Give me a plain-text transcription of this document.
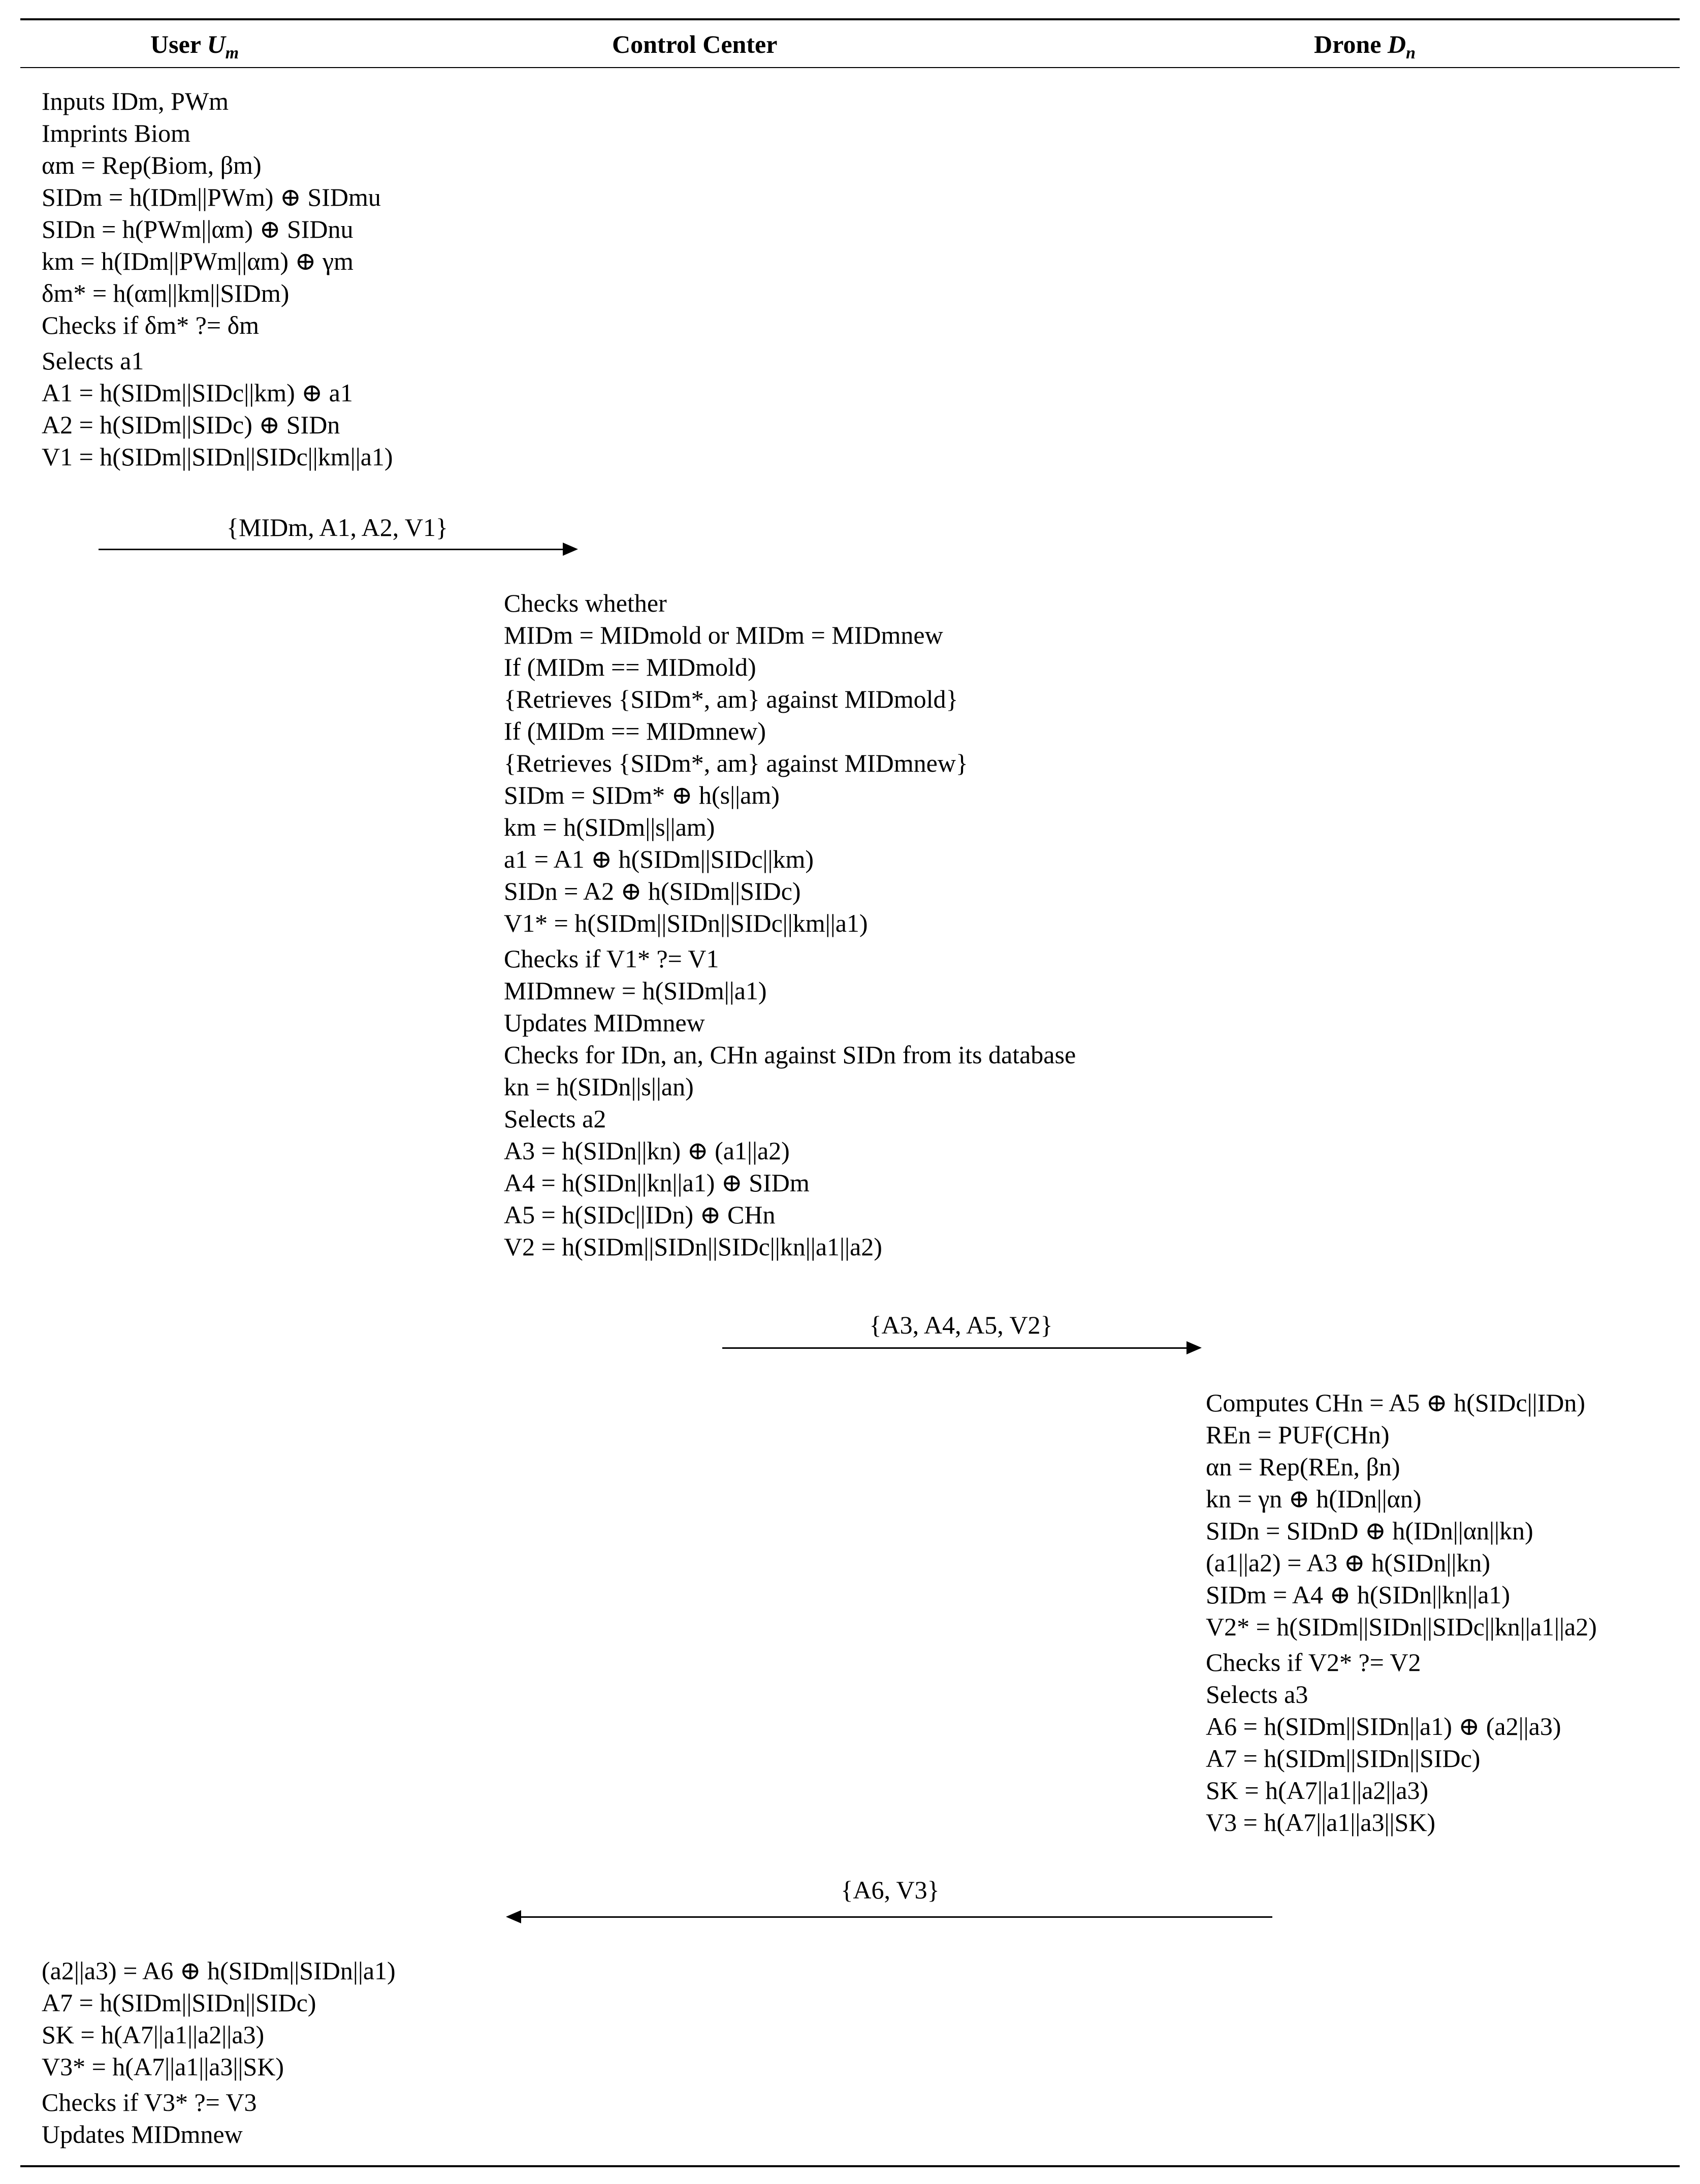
User $U_m$	Control Center	Drone $D_n$
Inputs IDm, PWm
Imprints Biom
αm = Rep(Biom, βm)
SIDm = h(IDm||PWm) ⊕ SIDmu
SIDn = h(PWm||αm) ⊕ SIDnu
km = h(IDm||PWm||αm) ⊕ γm
δm* = h(αm||km||SIDm)
Checks if δm* ?= δm
Selects a1
A1 = h(SIDm||SIDc||km) ⊕ a1
A2 = h(SIDm||SIDc) ⊕ SIDn
V1 = h(SIDm||SIDn||SIDc||km||a1)
{MIDm, A1, A2, V1}
Checks whether
MIDm = MIDmold or MIDm = MIDmnew
If (MIDm == MIDmold)
{Retrieves {SIDm*, am} against MIDmold}
If (MIDm == MIDmnew)
{Retrieves {SIDm*, am} against MIDmnew}
SIDm = SIDm* ⊕ h(s||am)
km = h(SIDm||s||am)
a1 = A1 ⊕ h(SIDm||SIDc||km)
SIDn = A2 ⊕ h(SIDm||SIDc)
V1* = h(SIDm||SIDn||SIDc||km||a1)
Checks if V1* ?= V1
MIDmnew = h(SIDm||a1)
Updates MIDmnew
Checks for IDn, an, CHn against SIDn from its database
kn = h(SIDn||s||an)
Selects a2
A3 = h(SIDn||kn) ⊕ (a1||a2)
A4 = h(SIDn||kn||a1) ⊕ SIDm
A5 = h(SIDc||IDn) ⊕ CHn
V2 = h(SIDm||SIDn||SIDc||kn||a1||a2)
{A3, A4, A5, V2}
Computes CHn = A5 ⊕ h(SIDc||IDn)
REn = PUF(CHn)
αn = Rep(REn, βn)
kn = γn ⊕ h(IDn||αn)
SIDn = SIDnD ⊕ h(IDn||αn||kn)
(a1||a2) = A3 ⊕ h(SIDn||kn)
SIDm = A4 ⊕ h(SIDn||kn||a1)
V2* = h(SIDm||SIDn||SIDc||kn||a1||a2)
Checks if V2* ?= V2
Selects a3
A6 = h(SIDm||SIDn||a1) ⊕ (a2||a3)
A7 = h(SIDm||SIDn||SIDc)
SK = h(A7||a1||a2||a3)
V3 = h(A7||a1||a3||SK)
{A6, V3}
(a2||a3) = A6 ⊕ h(SIDm||SIDn||a1)
A7 = h(SIDm||SIDn||SIDc)
SK = h(A7||a1||a2||a3)
V3* = h(A7||a1||a3||SK)
Checks if V3* ?= V3
Updates MIDmnew
